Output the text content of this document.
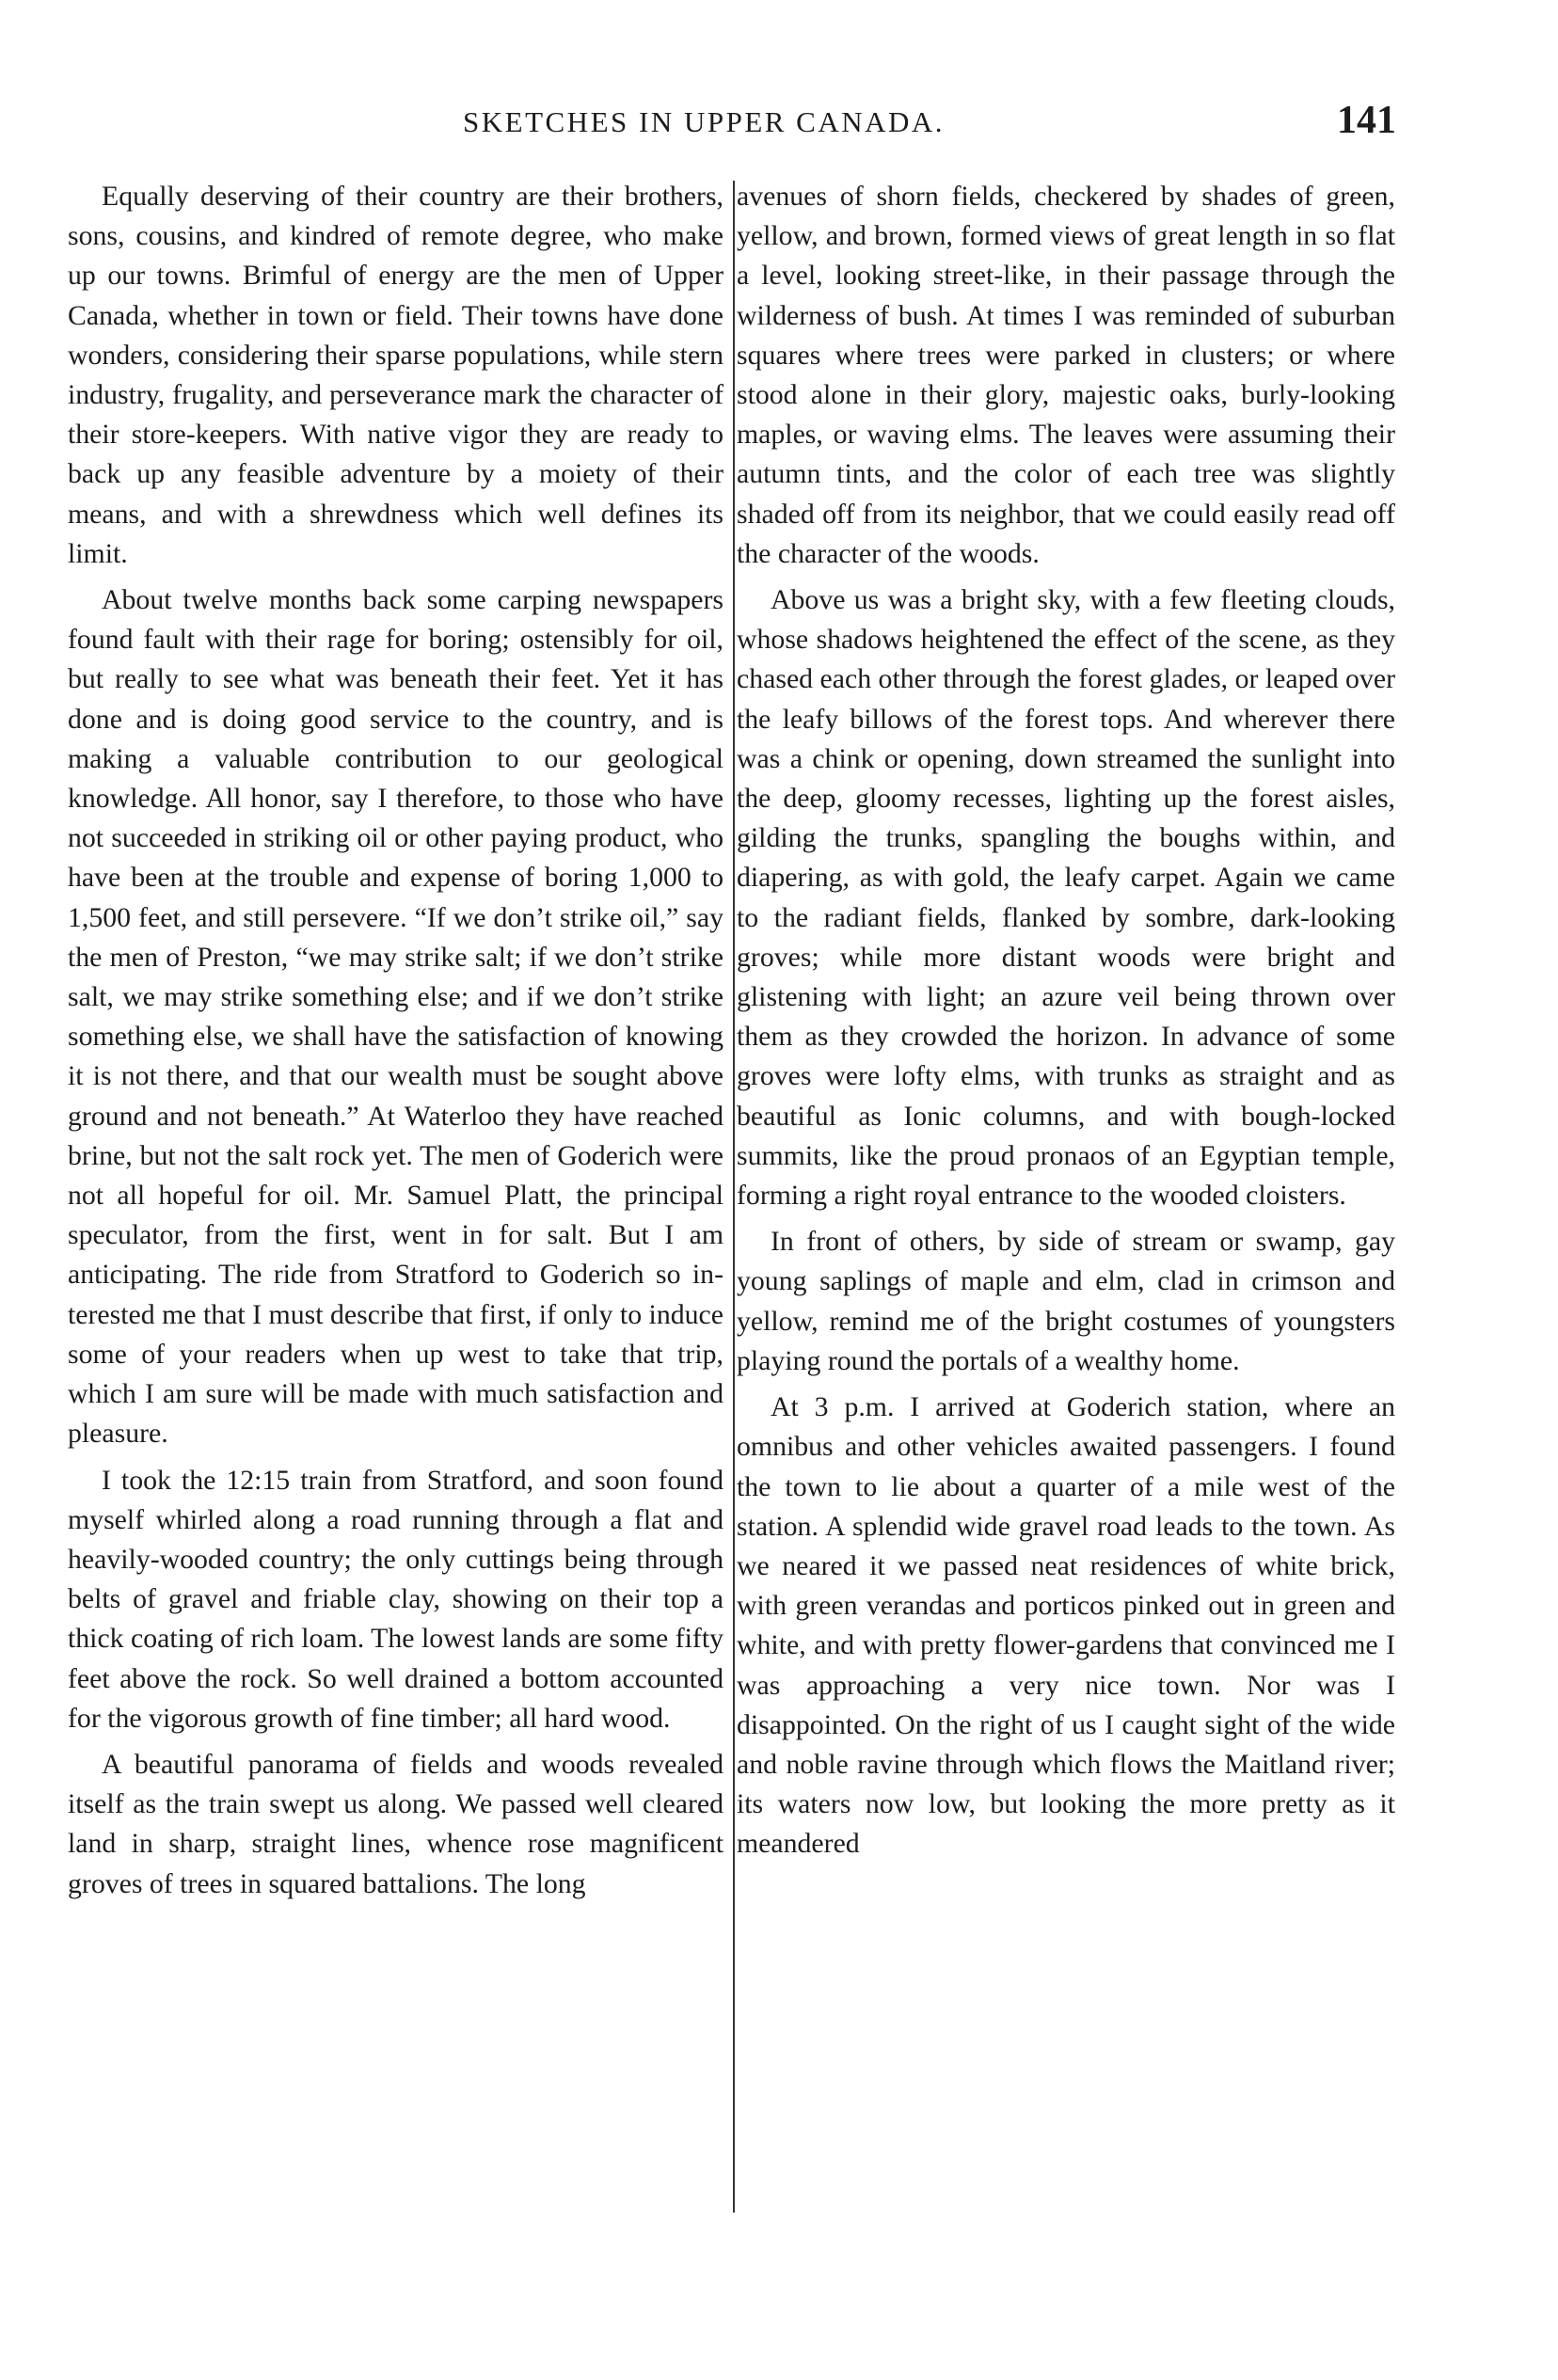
SKETCHES IN UPPER CANADA.	141

Equally deserving of their country are their brothers, sons, cousins, and kindred of remote degree, who make up our towns. Brimful of energy are the men of Upper Canada, whether in town or field. Their towns have done wonders, considering their sparse populations, while stern industry, frugality, and perseverance mark the character of their store-keepers. With native vigor they are ready to back up any feasible adventure by a moiety of their means, and with a shrewdness which well defines its limit.

About twelve months back some carping newspapers found fault with their rage for boring; ostensibly for oil, but really to see what was beneath their feet. Yet it has done and is doing good service to the country, and is making a valuable contribution to our geological knowledge. All honor, say I therefore, to those who have not succeeded in striking oil or other paying product, who have been at the trouble and expense of boring 1,000 to 1,500 feet, and still persevere. “If we don’t strike oil,” say the men of Preston, “we may strike salt; if we don’t strike salt, we may strike something else; and if we don’t strike something else, we shall have the satisfaction of knowing it is not there, and that our wealth must be sought above ground and not beneath.” At Waterloo they have reached brine, but not the salt rock yet. The men of Goderich were not all hopeful for oil. Mr. Samuel Platt, the principal speculator, from the first, went in for salt. But I am anticipating. The ride from Stratford to Goderich so interested me that I must describe that first, if only to induce some of your readers when up west to take that trip, which I am sure will be made with much satisfaction and pleasure.

I took the 12:15 train from Stratford, and soon found myself whirled along a road running through a flat and heavily-wooded country; the only cuttings being through belts of gravel and friable clay, showing on their top a thick coating of rich loam. The lowest lands are some fifty feet above the rock. So well drained a bottom accounted for the vigorous growth of fine timber; all hard wood.

A beautiful panorama of fields and woods revealed itself as the train swept us along. We passed well cleared land in sharp, straight lines, whence rose magnificent groves of trees in squared battalions. The long

avenues of shorn fields, checkered by shades of green, yellow, and brown, formed views of great length in so flat a level, looking street-like, in their passage through the wilderness of bush. At times I was reminded of suburban squares where trees were parked in clusters; or where stood alone in their glory, majestic oaks, burly-looking maples, or waving elms. The leaves were assuming their autumn tints, and the color of each tree was slightly shaded off from its neighbor, that we could easily read off the character of the woods.

Above us was a bright sky, with a few fleeting clouds, whose shadows heightened the effect of the scene, as they chased each other through the forest glades, or leaped over the leafy billows of the forest tops. And wherever there was a chink or opening, down streamed the sunlight into the deep, gloomy recesses, lighting up the forest aisles, gilding the trunks, spangling the boughs within, and diapering, as with gold, the leafy carpet. Again we came to the radiant fields, flanked by sombre, dark-looking groves; while more distant woods were bright and glistening with light; an azure veil being thrown over them as they crowded the horizon. In advance of some groves were lofty elms, with trunks as straight and as beautiful as Ionic columns, and with bough-locked summits, like the proud pronaos of an Egyptian temple, forming a right royal entrance to the wooded cloisters.

In front of others, by side of stream or swamp, gay young saplings of maple and elm, clad in crimson and yellow, remind me of the bright costumes of youngsters playing round the portals of a wealthy home.

At 3 p.m. I arrived at Goderich station, where an omnibus and other vehicles awaited passengers. I found the town to lie about a quarter of a mile west of the station. A splendid wide gravel road leads to the town. As we neared it we passed neat residences of white brick, with green verandas and porticos pinked out in green and white, and with pretty flower-gardens that convinced me I was approaching a very nice town. Nor was I disappointed. On the right of us I caught sight of the wide and noble ravine through which flows the Maitland river; its waters now low, but looking the more pretty as it meandered
